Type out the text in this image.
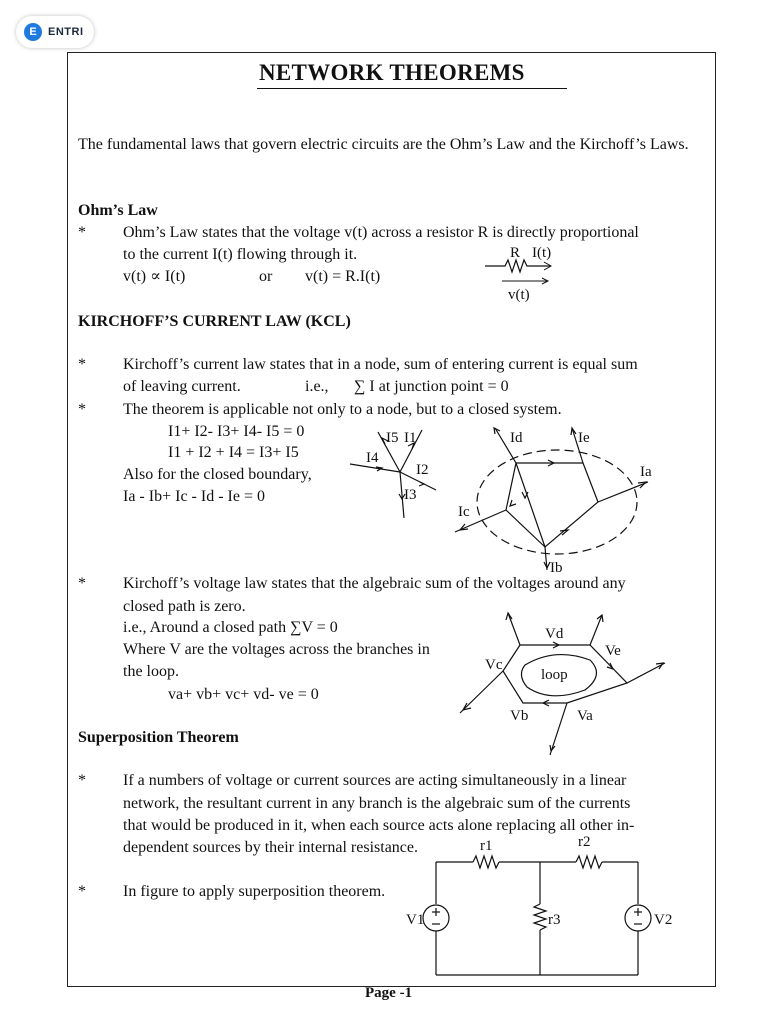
E	ENTRI
NETWORK THEOREMS
The fundamental laws that govern electric circuits are the Ohm’s Law and the Kirchoff’s Laws.
Ohm’s Law
* Ohm’s Law states that the voltage v(t) across a resistor R is directly proportional
to the current I(t) flowing through it.
v(t) ∝ I(t)	or v(t) = R.I(t)
R I(t)
v(t)
KIRCHOFF’S CURRENT LAW (KCL)
* Kirchoff’s current law states that in a node, sum of entering current is equal sum
of leaving current.	i.e., ∑ I at junction point = 0
* The theorem is applicable not only to a node, but to a closed system.
I1+ I2- I3+ I4- I5 = 0
I1 + I2 + I4 = I3+ I5
Also for the closed boundary,
Ia - Ib+ Ic - Id - Ie = 0
I5 I1
I4
I2
I3
Id	Ie
Ia
Ic
Ib
* Kirchoff’s voltage law states that the algebraic sum of the voltages around any
closed path is zero.
i.e., Around a closed path ∑V = 0
Where V are the voltages across the branches in
the loop.
va+ vb+ vc+ vd- ve = 0
Vd
Ve
Vc
Vb	Va
loop
Superposition Theorem
* If a numbers of voltage or current sources are acting simultaneously in a linear
network, the resultant current in any branch is the algebraic sum of the currents
that would be produced in it, when each source acts alone replacing all other in-
dependent sources by their internal resistance.
* In figure to apply superposition theorem.
r1	r2
r3
V1	V2
Page -1
